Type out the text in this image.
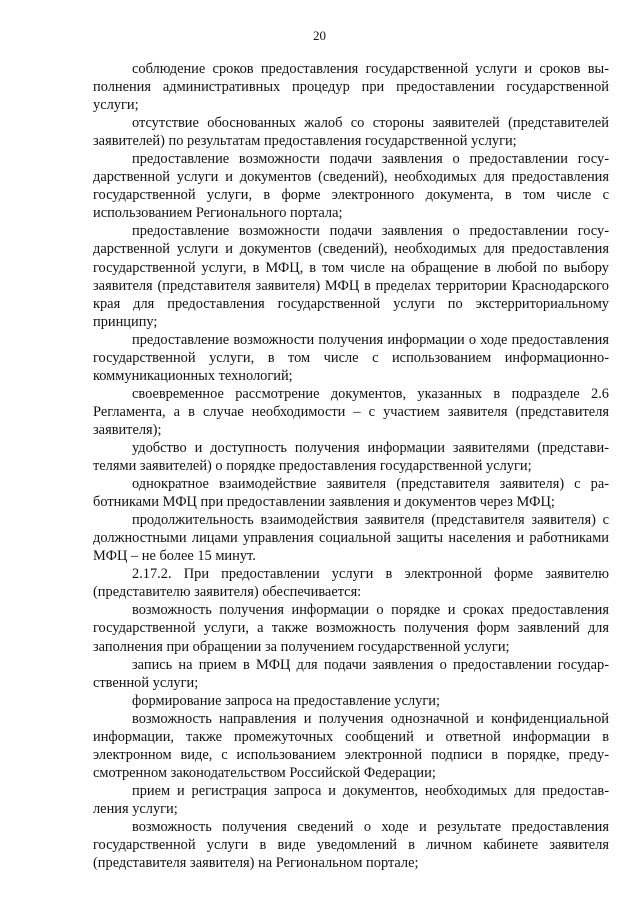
20

соблюдение сроков предоставления государственной услуги и сроков выполнения административных процедур при предоставлении государственной услуги;

отсутствие обоснованных жалоб со стороны заявителей (представителей заявителей) по результатам предоставления государственной услуги;

предоставление возможности подачи заявления о предоставлении государственной услуги и документов (сведений), необходимых для предоставления государственной услуги, в форме электронного документа, в том числе с использованием Регионального портала;

предоставление возможности подачи заявления о предоставлении государственной услуги и документов (сведений), необходимых для предоставления государственной услуги, в МФЦ, в том числе на обращение в любой по выбору заявителя (представителя заявителя) МФЦ в пределах территории Краснодарского края для предоставления государственной услуги по экстерриториальному принципу;

предоставление возможности получения информации о ходе предоставления государственной услуги, в том числе с использованием информационно-коммуникационных технологий;

своевременное рассмотрение документов, указанных в подразделе 2.6 Регламента, а в случае необходимости – с участием заявителя (представителя заявителя);

удобство и доступность получения информации заявителями (представителями заявителей) о порядке предоставления государственной услуги;

однократное взаимодействие заявителя (представителя заявителя) с работниками МФЦ при предоставлении заявления и документов через МФЦ;

продолжительность взаимодействия заявителя (представителя заявителя) с должностными лицами управления социальной защиты населения и работниками МФЦ – не более 15 минут.

2.17.2. При предоставлении услуги в электронной форме заявителю (представителю заявителя) обеспечивается:

возможность получения информации о порядке и сроках предоставления государственной услуги, а также возможность получения форм заявлений для заполнения при обращении за получением государственной услуги;

запись на прием в МФЦ для подачи заявления о предоставлении государственной услуги;

формирование запроса на предоставление услуги;

возможность направления и получения однозначной и конфиденциальной информации, также промежуточных сообщений и ответной информации в электронном виде, с использованием электронной подписи в порядке, предусмотренном законодательством Российской Федерации;

прием и регистрация запроса и документов, необходимых для предоставления услуги;

возможность получения сведений о ходе и результате предоставления государственной услуги в виде уведомлений в личном кабинете заявителя (представителя заявителя) на Региональном портале;
